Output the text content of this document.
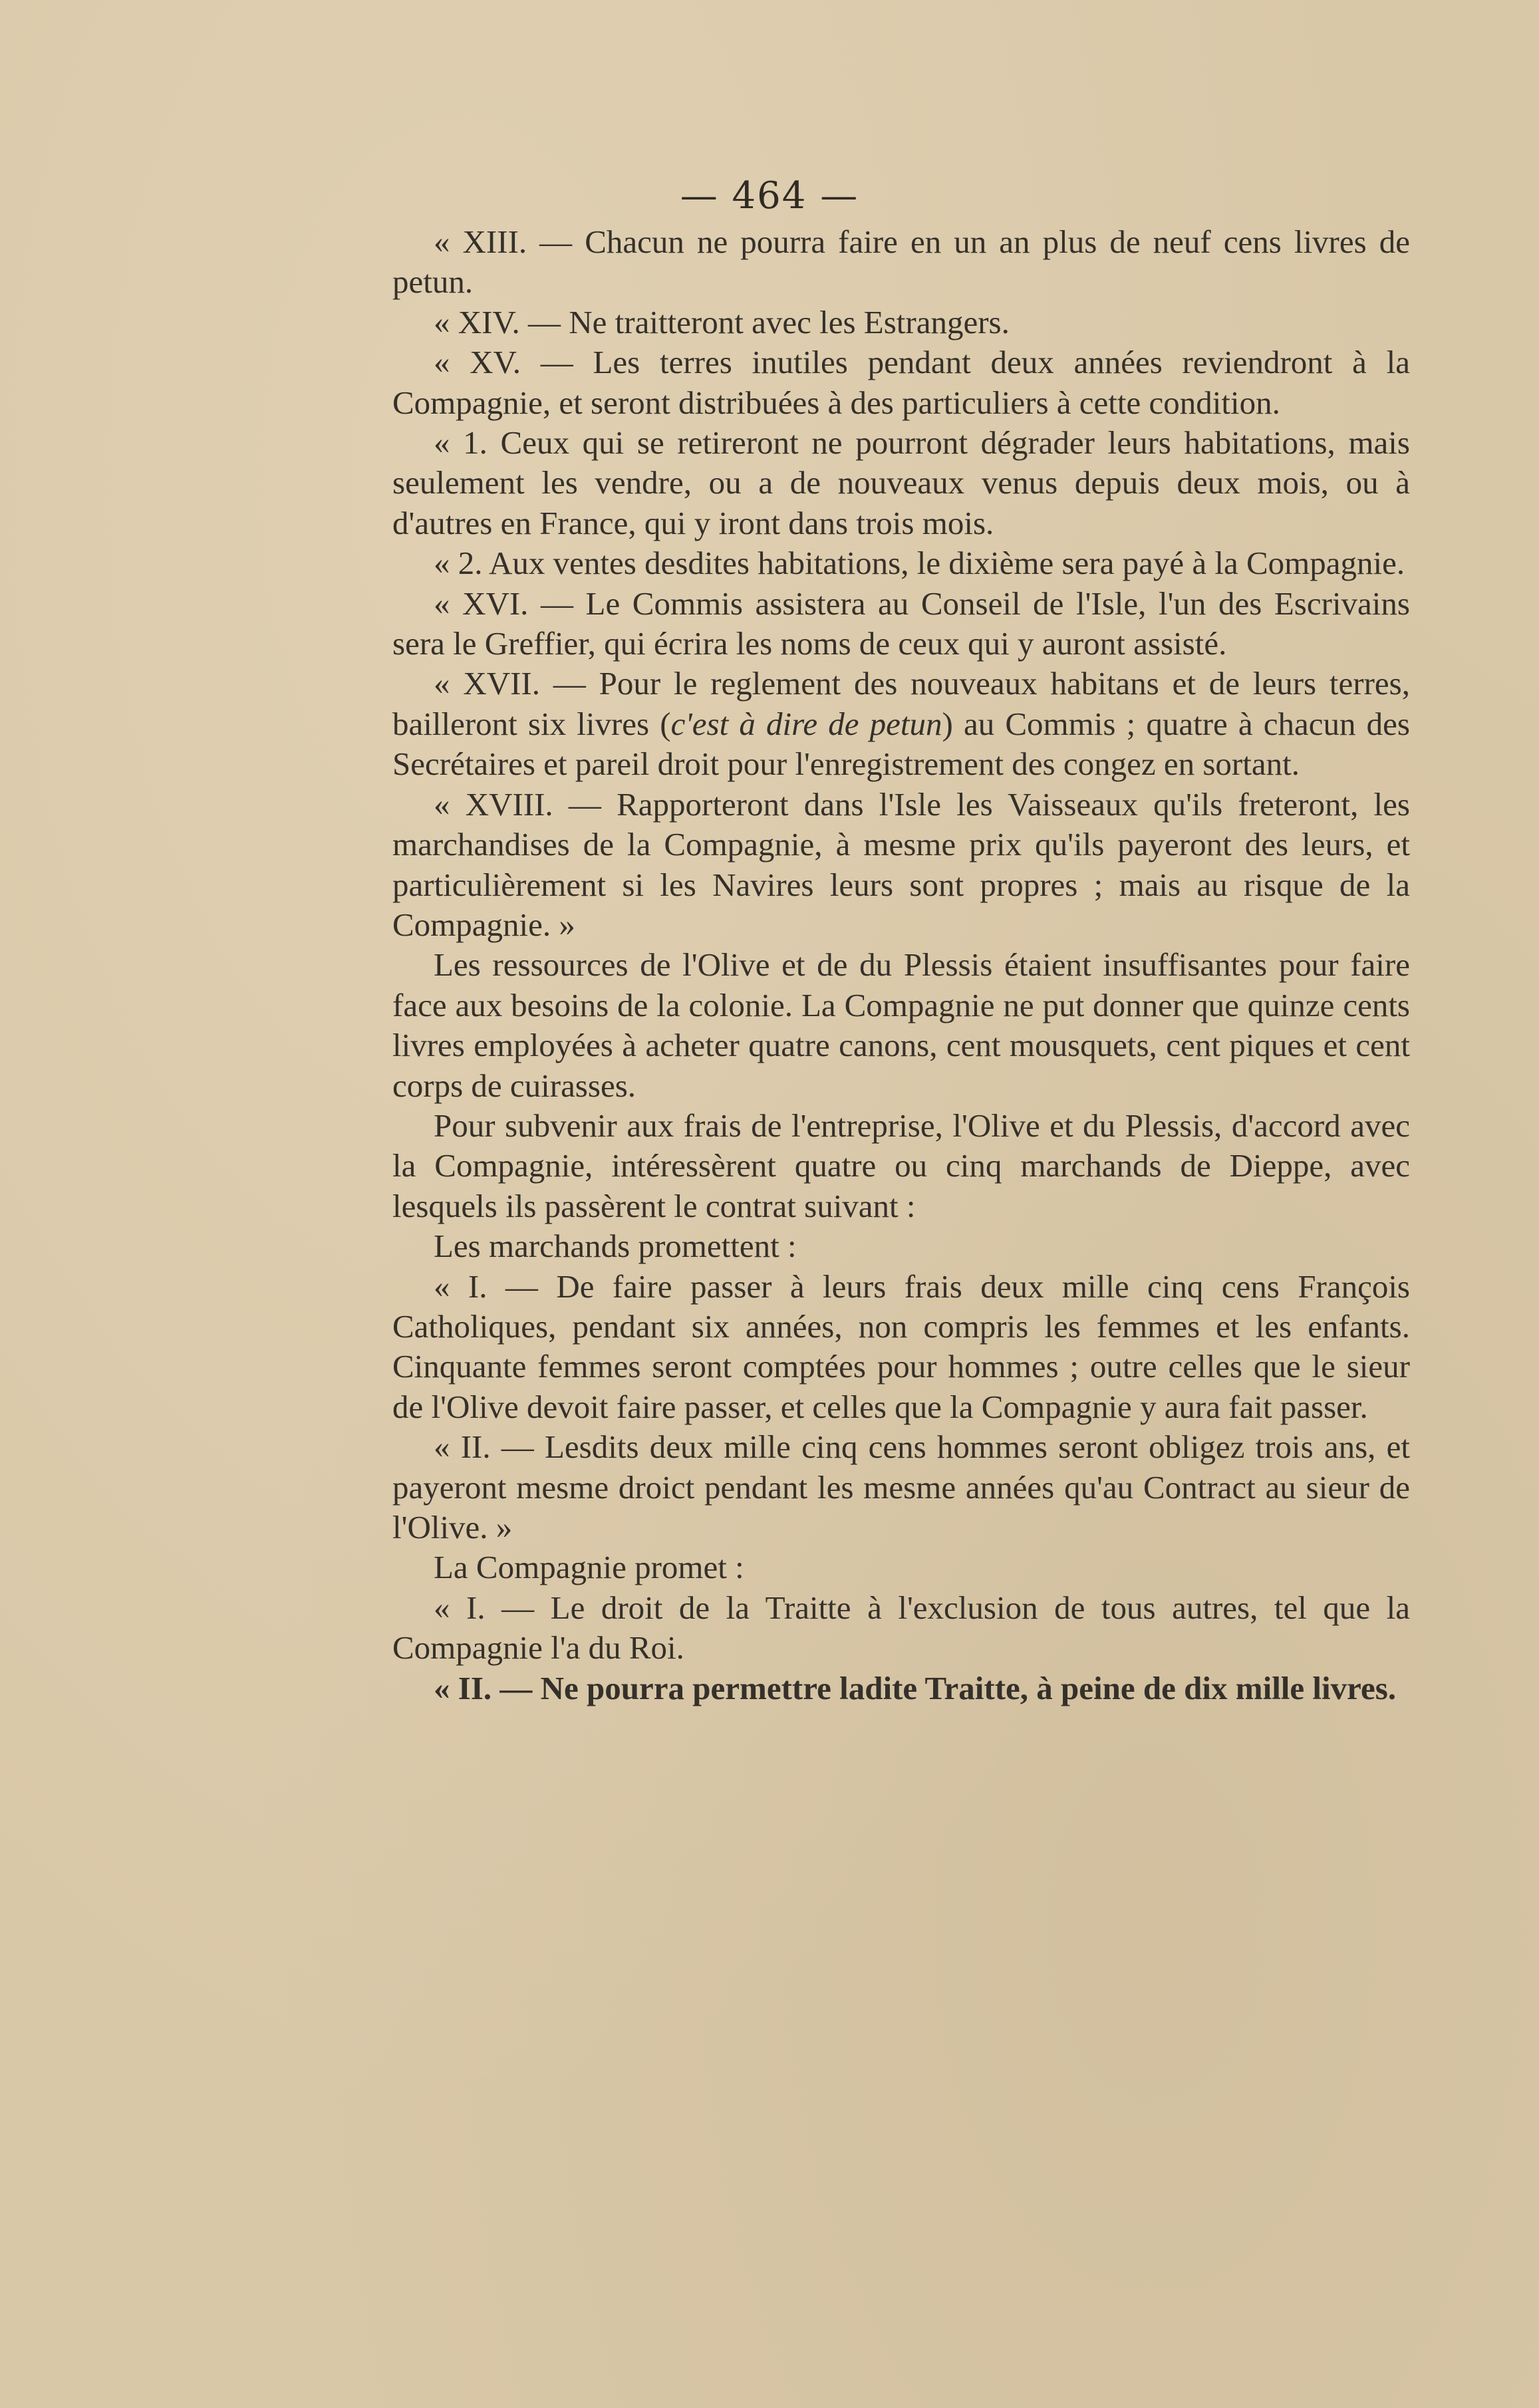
— 464 —

« XIII. — Chacun ne pourra faire en un an plus de neuf cens livres de petun.

« XIV. — Ne traitteront avec les Estrangers.

« XV. — Les terres inutiles pendant deux années reviendront à la Compagnie, et seront distribuées à des particuliers à cette condition.

« 1. Ceux qui se retireront ne pourront dégrader leurs habitations, mais seulement les vendre, ou a de nouveaux venus depuis deux mois, ou à d'autres en France, qui y iront dans trois mois.

« 2. Aux ventes desdites habitations, le dixième sera payé à la Compagnie.

« XVI. — Le Commis assistera au Conseil de l'Isle, l'un des Escrivains sera le Greffier, qui écrira les noms de ceux qui y auront assisté.

« XVII. — Pour le reglement des nouveaux habitans et de leurs terres, bailleront six livres (c'est à dire de petun) au Commis ; quatre à chacun des Secrétaires et pareil droit pour l'enregistrement des congez en sortant.

« XVIII. — Rapporteront dans l'Isle les Vaisseaux qu'ils freteront, les marchandises de la Compagnie, à mesme prix qu'ils payeront des leurs, et particulièrement si les Navires leurs sont propres ; mais au risque de la Compagnie. »

Les ressources de l'Olive et de du Plessis étaient insuffisantes pour faire face aux besoins de la colonie. La Compagnie ne put donner que quinze cents livres employées à acheter quatre canons, cent mousquets, cent piques et cent corps de cuirasses.

Pour subvenir aux frais de l'entreprise, l'Olive et du Plessis, d'accord avec la Compagnie, intéressèrent quatre ou cinq marchands de Dieppe, avec lesquels ils passèrent le contrat suivant :

Les marchands promettent :

« I. — De faire passer à leurs frais deux mille cinq cens François Catholiques, pendant six années, non compris les femmes et les enfants. Cinquante femmes seront comptées pour hommes ; outre celles que le sieur de l'Olive devoit faire passer, et celles que la Compagnie y aura fait passer.

« II. — Lesdits deux mille cinq cens hommes seront obligez trois ans, et payeront mesme droict pendant les mesme années qu'au Contract au sieur de l'Olive. »

La Compagnie promet :

« I. — Le droit de la Traitte à l'exclusion de tous autres, tel que la Compagnie l'a du Roi.

« II. — Ne pourra permettre ladite Traitte, à peine de dix mille livres.
